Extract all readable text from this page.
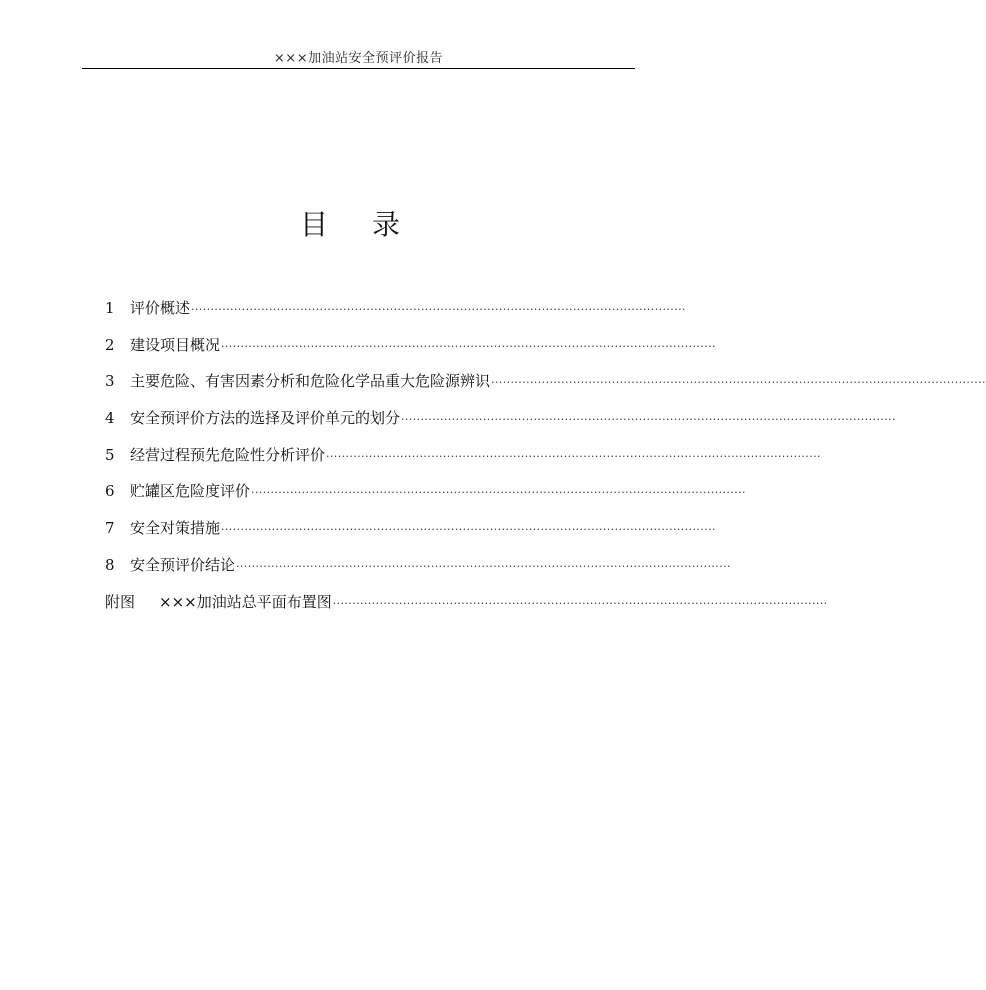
×××加油站安全预评价报告
目 录
1	评价概述 ·······························································································································
2	建设项目概况 ·······························································································································
3	主要危险、有害因素分析和危险化学品重大危险源辨识 ·······························································································································
4	安全预评价方法的选择及评价单元的划分 ·······························································································································
5	经营过程预先危险性分析评价 ·······························································································································
6	贮罐区危险度评价 ·······························································································································
7	安全对策措施 ·······························································································································
8	安全预评价结论 ·······························································································································
附图	×××加油站总平面布置图 ·······························································································································
